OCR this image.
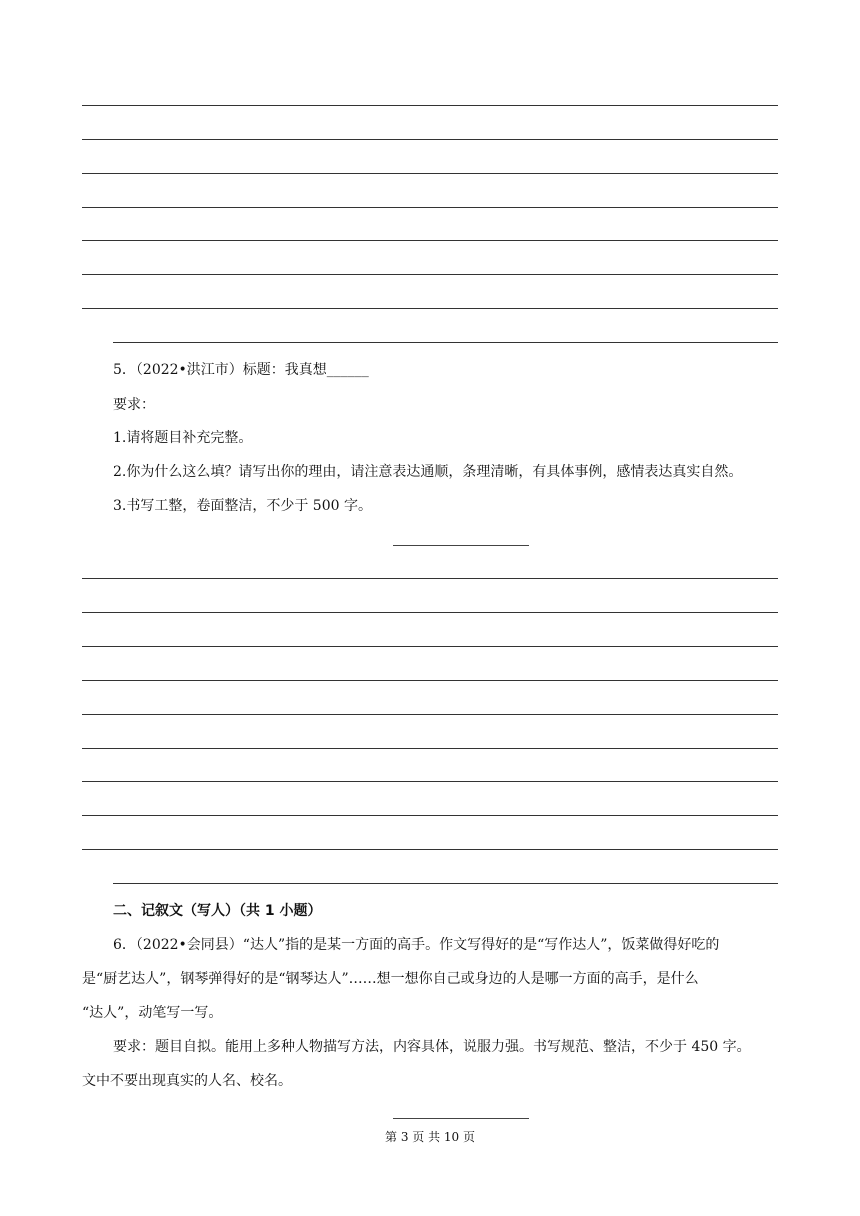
5．（2022•洪江市）标题：我真想______
要求：
1.请将题目补充完整。
2.你为什么这么填？请写出你的理由，请注意表达通顺，条理清晰，有具体事例，感情表达真实自然。
3.书写工整，卷面整洁，不少于 500 字。
二、记叙文（写人）（共 1 小题）
6．（2022•会同县）“达人”指的是某一方面的高手。作文写得好的是“写作达人”，饭菜做得好吃的
是“厨艺达人”，钢琴弹得好的是“钢琴达人”……想一想你自己或身边的人是哪一方面的高手，是什么
“达人”，动笔写一写。
要求：题目自拟。能用上多种人物描写方法，内容具体，说服力强。书写规范、整洁，不少于 450 字。
文中不要出现真实的人名、校名。
第 3 页 共 10 页
